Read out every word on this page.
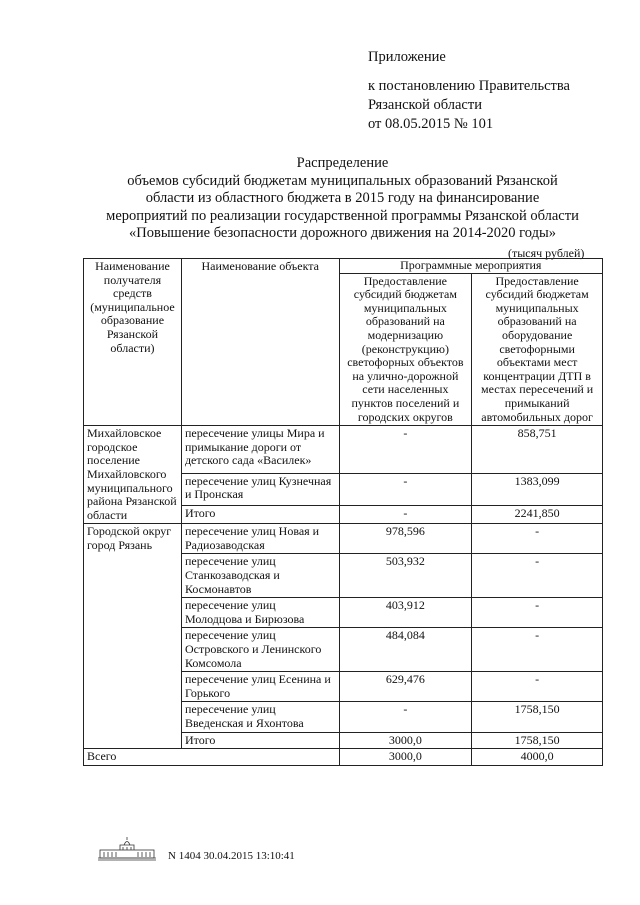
Приложение
к постановлению Правительства
Рязанской области
от 08.05.2015 № 101
Распределение
объемов субсидий бюджетам муниципальных образований Рязанской
области из областного бюджета в 2015 году на финансирование
мероприятий по реализации государственной программы Рязанской области
«Повышение безопасности дорожного движения на 2014-2020 годы»
(тысяч рублей)
Наименование получателя средств (муниципальное образование Рязанской области)	Наименование объекта	Программные мероприятия	
		Предоставление субсидий бюджетам муниципальных образований на модернизацию (реконструкцию) светофорных объектов на улично-дорожной сети населенных пунктов поселений и городских округов	Предоставление субсидий бюджетам муниципальных образований на оборудование светофорными объектами мест концентрации ДТП в местах пересечений и примыканий автомобильных дорог
Михайловское городское поселение Михайловского муниципального района Рязанской области	пересечение улицы Мира и примыкание дороги от детского сада «Василек»	-	858,751
	пересечение улиц Кузнечная и Пронская	-	1383,099
	Итого	-	2241,850
Городской округ город Рязань	пересечение улиц Новая и Радиозаводская	978,596	-
	пересечение улиц Станкозаводская и Космонавтов	503,932	-
	пересечение улиц Молодцова и Бирюзова	403,912	-
	пересечение улиц Островского и Ленинского Комсомола	484,084	-
	пересечение улиц Есенина и Горького	629,476	-
	пересечение улиц Введенская и Яхонтова	-	1758,150
	Итого	3000,0	1758,150
Всего		3000,0	4000,0
N 1404 30.04.2015 13:10:41
